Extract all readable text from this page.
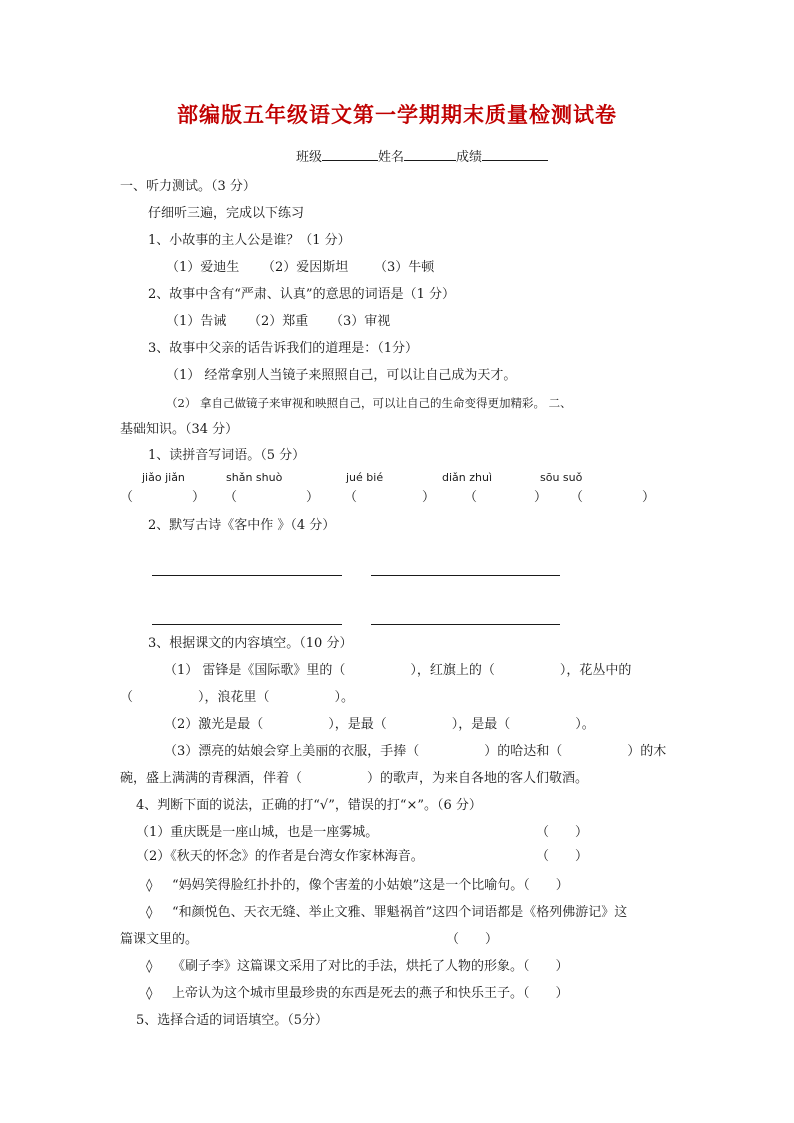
部编版五年级语文第一学期期末质量检测试卷
班级	姓名	成绩
一、听力测试。（3 分）
仔细听三遍，完成以下练习
1、小故事的主人公是谁？（1 分）
（1）爱迪生 （2）爱因斯坦 （3）牛顿
2、故事中含有“严肃、认真”的意思的词语是（1 分）
（1）告诫 （2）郑重 （3）审视
3、故事中父亲的话告诉我们的道理是：（1分）
（1） 经常拿别人当镜子来照照自己，可以让自己成为天才。
（2） 拿自己做镜子来审视和映照自己，可以让自己的生命变得更加精彩。 二、
基础知识。（34 分）
1、读拼音写词语。（5 分）
jiǎo jiǎn	shǎn shuò	jué bié	diǎn zhuì	sōu suǒ
（	） （	） （	） （	） （	）
2、默写古诗《客中作 》（4 分）
3、根据课文的内容填空。（10 分）
（1） 雷锋是《国际歌》里的（　　　　　），红旗上的（　　　　　），花丛中的
（　　　　　），浪花里（　　　　　）。
（2）激光是最（　　　　　），是最（　　　　　），是最（　　　　　）。
（3）漂亮的姑娘会穿上美丽的衣服，手捧（　　　　　）的哈达和（　　　　　）的木
碗，盛上满满的青稞酒，伴着（　　　　　）的歌声，为来自各地的客人们敬酒。
4、判断下面的说法，正确的打“√”，错误的打“×”。（6 分）
（1）重庆既是一座山城，也是一座雾城。	（　　）
（2）《秋天的怀念》的作者是台湾女作家林海音。	（　　）
◊ “妈妈笑得脸红扑扑的，像个害羞的小姑娘”这是一个比喻句。（　　）
◊ “和颜悦色、天衣无缝、举止文雅、罪魁祸首”这四个词语都是《格列佛游记》这
篇课文里的。	（　　）
◊ 《刷子李》这篇课文采用了对比的手法，烘托了人物的形象。（　　）
◊ 上帝认为这个城市里最珍贵的东西是死去的燕子和快乐王子。（　　）
5、选择合适的词语填空。（5分）
